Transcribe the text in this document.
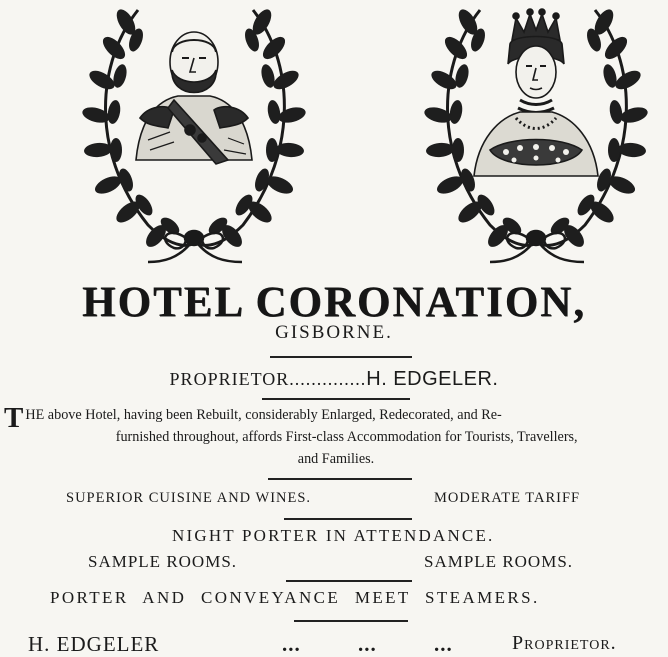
HOTEL CORONATION,
GISBORNE.
PROPRIETOR..............H. EDGELER.
T HE above Hotel, having been Rebuilt, considerably Enlarged, Redecorated, and Re-
furnished throughout, affords First-class Accommodation for Tourists, Travellers,
and Families.
SUPERIOR CUISINE AND WINES.	MODERATE TARIFF
NIGHT PORTER IN ATTENDANCE.
SAMPLE ROOMS.	SAMPLE ROOMS.
PORTER AND CONVEYANCE MEET STEAMERS.
H. EDGELER	...	...	...	Proprietor.
